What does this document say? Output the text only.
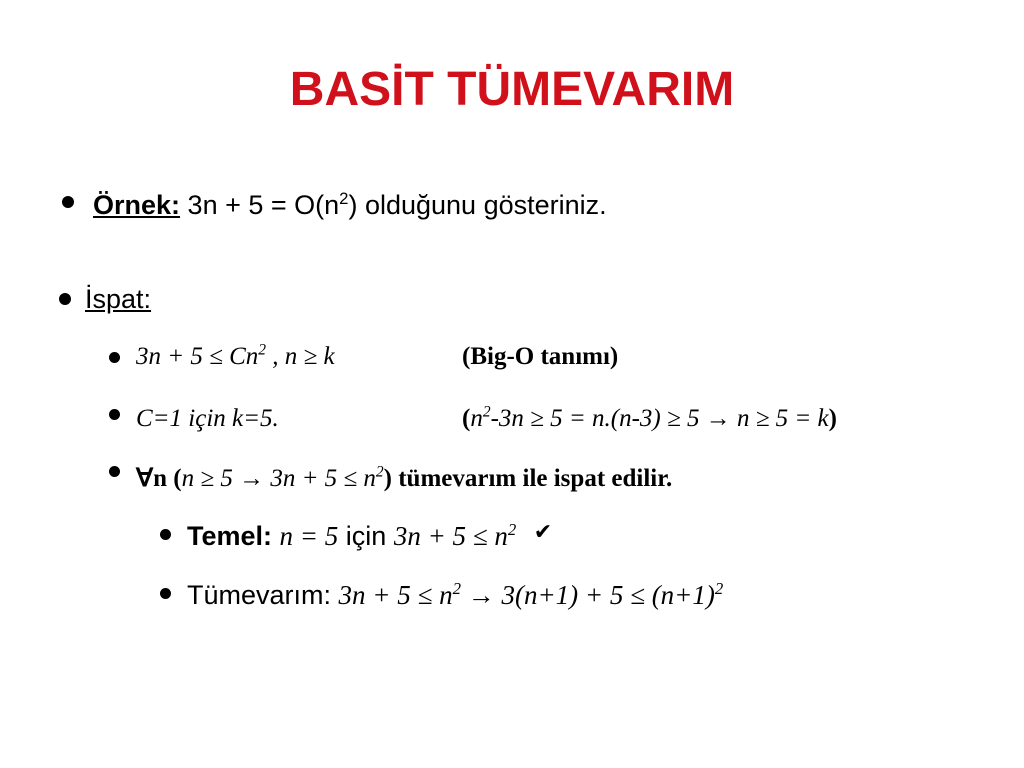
BASİT TÜMEVARIM
Örnek: $3n + 5 = O(n^2)$ olduğunu gösteriniz.
İspat:
$3n + 5 \le Cn^2$ , n ≥ k	(Big-O tanımı)
C=1 için k=5.	$(n^2-3n \ge 5 = n.(n-3) \ge 5 \to n \ge 5 = k)$
∀n $(n \ge 5 \to 3n + 5 \le n^2)$ tümevarım ile ispat edilir.
Temel: n = 5 için $3n + 5 \le n^2$ ✔
Tümevarım: $3n + 5 \le n^2 \to 3(n+1) + 5 \le (n+1)^2$
